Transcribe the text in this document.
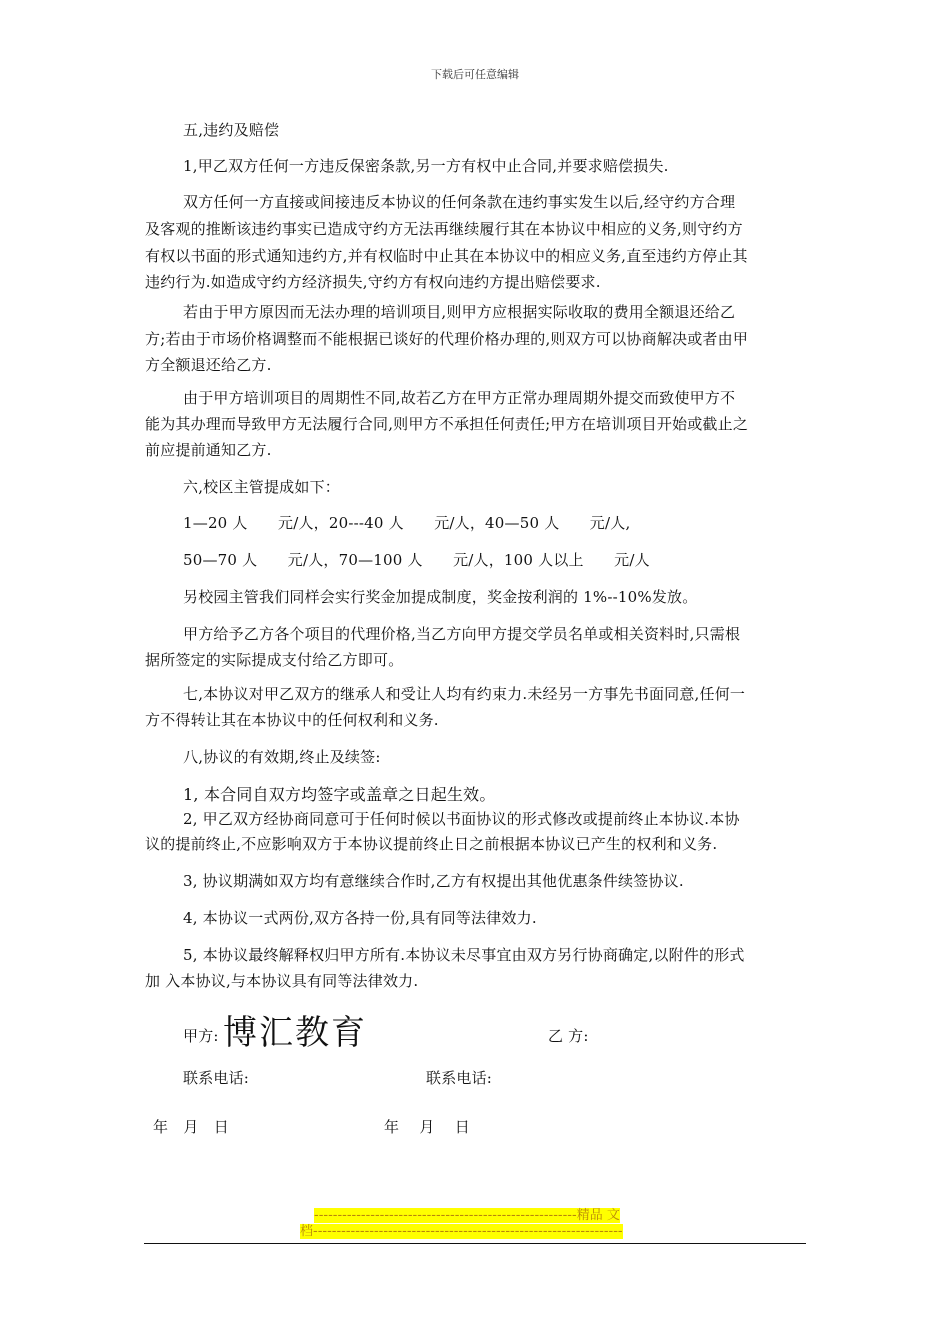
下载后可任意编辑
五,违约及赔偿
1,甲乙双方任何一方违反保密条款,另一方有权中止合同,并要求赔偿损失.
双方任何一方直接或间接违反本协议的任何条款在违约事实发生以后,经守约方合理
及客观的推断该违约事实已造成守约方无法再继续履行其在本协议中相应的义务,则守约方
有权以书面的形式通知违约方,并有权临时中止其在本协议中的相应义务,直至违约方停止其
违约行为.如造成守约方经济损失,守约方有权向违约方提出赔偿要求.
若由于甲方原因而无法办理的培训项目,则甲方应根据实际收取的费用全额退还给乙
方;若由于市场价格调整而不能根据已谈好的代理价格办理的,则双方可以协商解决或者由甲
方全额退还给乙方.
由于甲方培训项目的周期性不同,故若乙方在甲方正常办理周期外提交而致使甲方不
能为其办理而导致甲方无法履行合同,则甲方不承担任何责任;甲方在培训项目开始或截止之
前应提前通知乙方.
六,校区主管提成如下：
1—20 人　　元/人，20---40 人　　元/人，40—50 人　　元/人,
50—70 人　　元/人，70—100 人　　元/人，100 人以上　　元/人
另校园主管我们同样会实行奖金加提成制度，奖金按利润的 1%--10%发放。
甲方给予乙方各个项目的代理价格,当乙方向甲方提交学员名单或相关资料时,只需根
据所签定的实际提成支付给乙方即可。
七,本协议对甲乙双方的继承人和受让人均有约束力.未经另一方事先书面同意,任何一
方不得转让其在本协议中的任何权利和义务.
八,协议的有效期,终止及续签:
1, 本合同自双方均签字或盖章之日起生效。
2, 甲乙双方经协商同意可于任何时候以书面协议的形式修改或提前终止本协议.本协
议的提前终止,不应影响双方于本协议提前终止日之前根据本协议已产生的权利和义务.
3, 协议期满如双方均有意继续合作时,乙方有权提出其他优惠条件续签协议.
4, 本协议一式两份,双方各持一份,具有同等法律效力.
5, 本协议最终解释权归甲方所有.本协议未尽事宜由双方另行协商确定,以附件的形式
加 入本协议,与本协议具有同等法律效力.
甲方: 博汇教育	乙 方:
联系电话:	联系电话:
年　月　日	年　 月　 日
--------------------------------------------------------精品 文
档------------------------------------------------------------------
